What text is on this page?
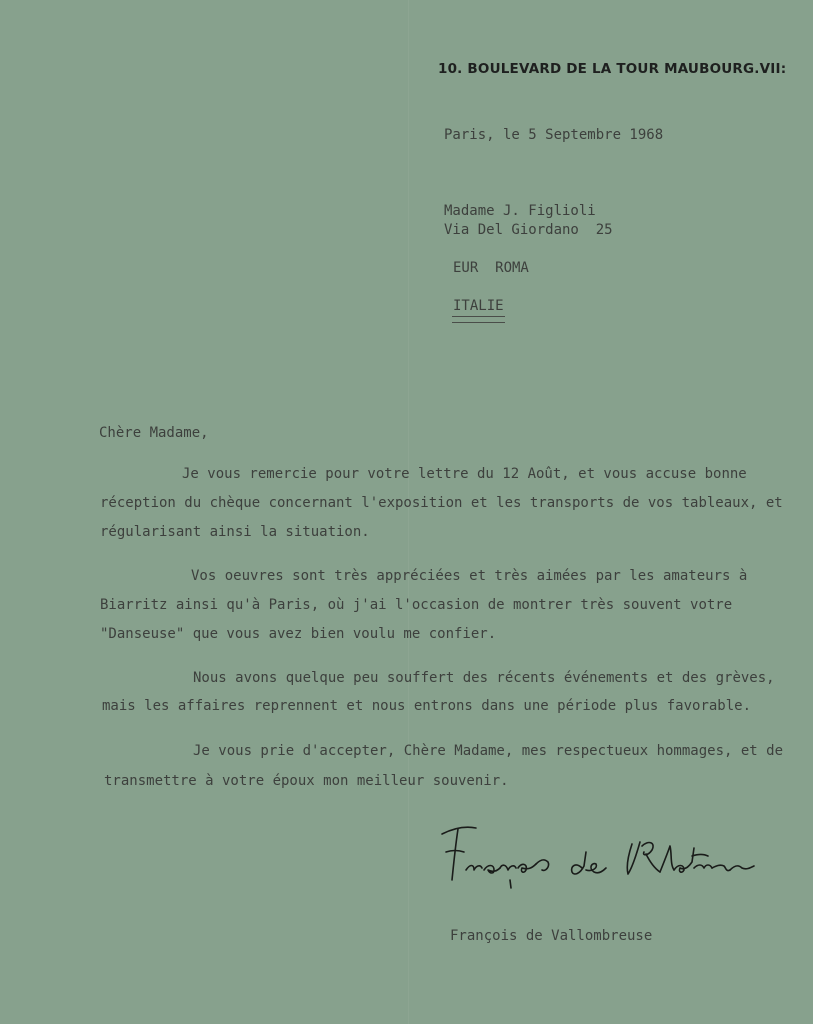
10. BOULEVARD DE LA TOUR MAUBOURG.VII:
Paris, le 5 Septembre 1968
Madame J. Figlioli
Via Del Giordano  25
EUR  ROMA
ITALIE
Chère Madame,
Je vous remercie pour votre lettre du 12 Août, et vous accuse bonne
réception du chèque concernant l'exposition et les transports de vos tableaux, et
régularisant ainsi la situation.
Vos oeuvres sont très appréciées et très aimées par les amateurs à
Biarritz ainsi qu'à Paris, où j'ai l'occasion de montrer très souvent votre
"Danseuse" que vous avez bien voulu me confier.
Nous avons quelque peu souffert des récents événements et des grèves,
mais les affaires reprennent et nous entrons dans une période plus favorable.
Je vous prie d'accepter, Chère Madame, mes respectueux hommages, et de
transmettre à votre époux mon meilleur souvenir.
François de Vallombreuse
